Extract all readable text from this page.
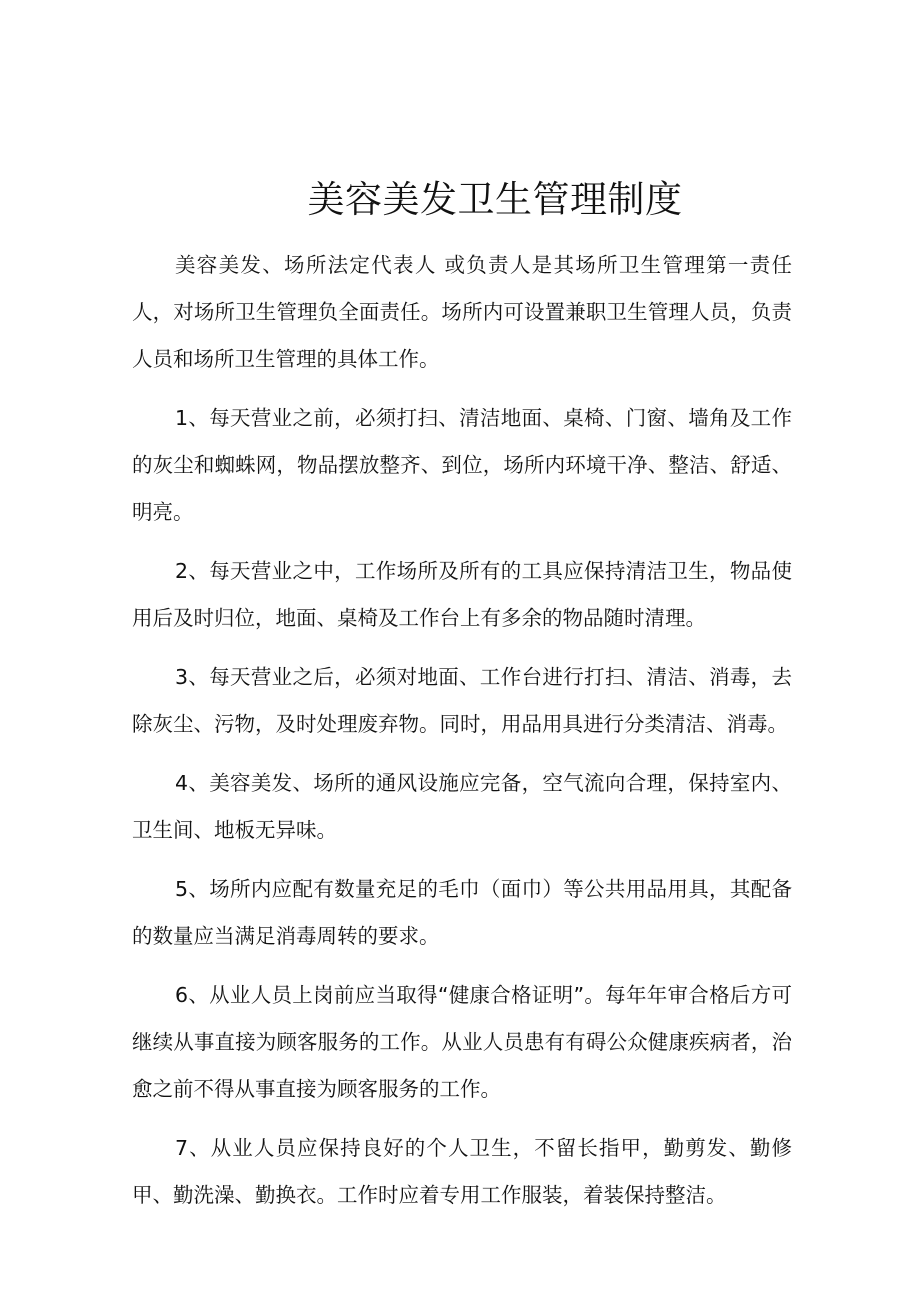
美容美发卫生管理制度

美容美发、场所法定代表人 或负责人是其场所卫生管理第一责任人，对场所卫生管理负全面责任。场所内可设置兼职卫生管理人员，负责人员和场所卫生管理的具体工作。

1、每天营业之前，必须打扫、清洁地面、桌椅、门窗、墙角及工作的灰尘和蜘蛛网，物品摆放整齐、到位，场所内环境干净、整洁、舒适、明亮。

2、每天营业之中，工作场所及所有的工具应保持清洁卫生，物品使用后及时归位，地面、桌椅及工作台上有多余的物品随时清理。

3、每天营业之后，必须对地面、工作台进行打扫、清洁、消毒，去除灰尘、污物，及时处理废弃物。同时，用品用具进行分类清洁、消毒。

4、美容美发、场所的通风设施应完备，空气流向合理，保持室内、卫生间、地板无异味。

5、场所内应配有数量充足的毛巾（面巾）等公共用品用具，其配备的数量应当满足消毒周转的要求。

6、从业人员上岗前应当取得“健康合格证明”。每年年审合格后方可继续从事直接为顾客服务的工作。从业人员患有有碍公众健康疾病者，治愈之前不得从事直接为顾客服务的工作。

7、从业人员应保持良好的个人卫生，不留长指甲，勤剪发、勤修甲、勤洗澡、勤换衣。工作时应着专用工作服装，着装保持整洁。
